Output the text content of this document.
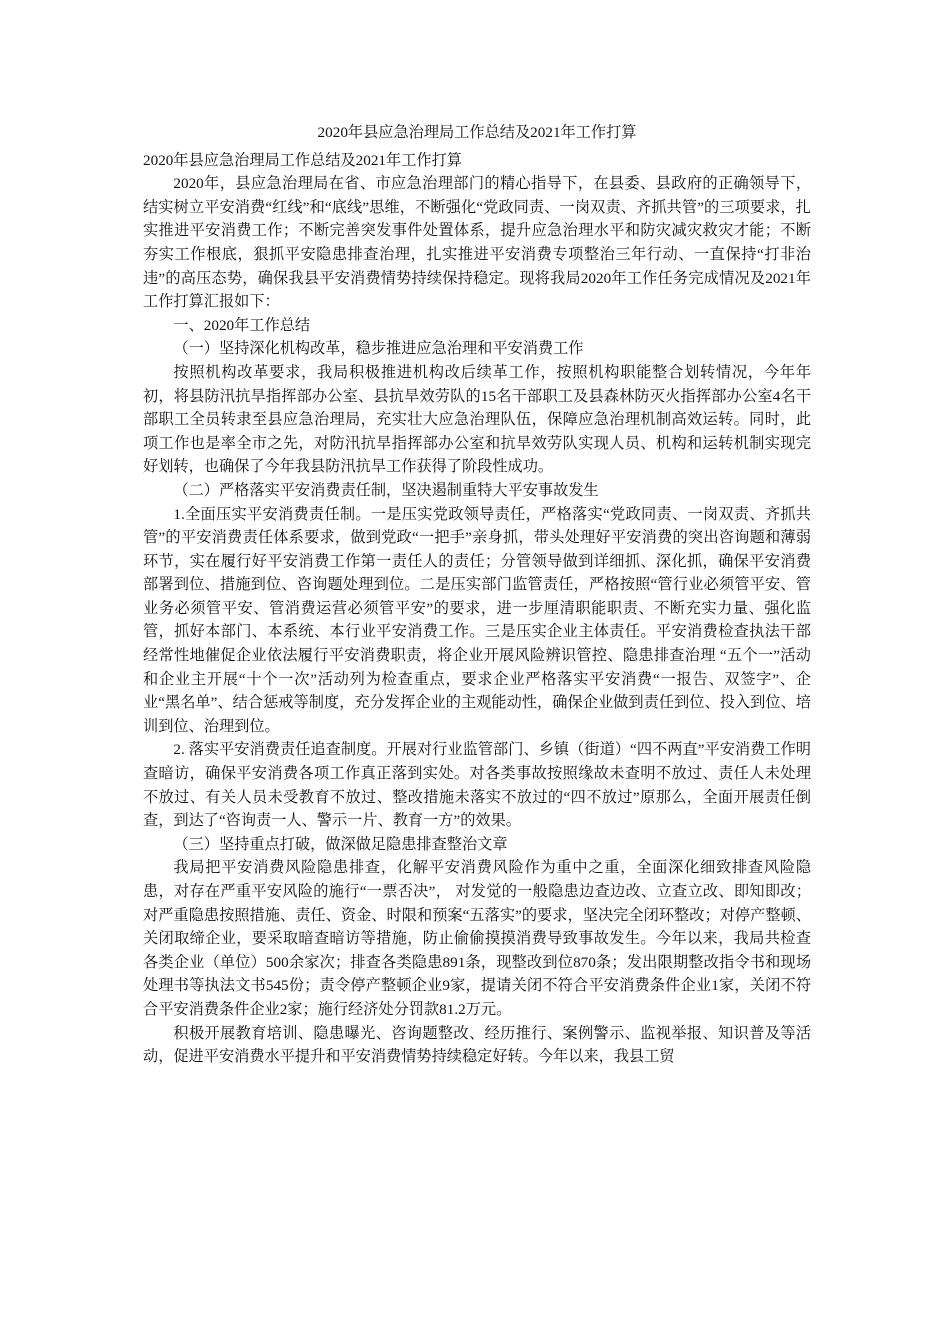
2020年县应急治理局工作总结及2021年工作打算

2020年县应急治理局工作总结及2021年工作打算

2020年，县应急治理局在省、市应急治理部门的精心指导下，在县委、县政府的正确领导下，结实树立平安消费“红线”和“底线”思维，不断强化“党政同责、一岗双责、齐抓共管”的三项要求，扎实推进平安消费工作；不断完善突发事件处置体系，提升应急治理水平和防灾减灾救灾才能；不断夯实工作根底，狠抓平安隐患排查治理，扎实推进平安消费专项整治三年行动、一直保持“打非治违”的高压态势，确保我县平安消费情势持续保持稳定。现将我局2020年工作任务完成情况及2021年工作打算汇报如下：

一、2020年工作总结

（一）坚持深化机构改革，稳步推进应急治理和平安消费工作

按照机构改革要求，我局积极推进机构改后续革工作，按照机构职能整合划转情况，今年年初，将县防汛抗旱指挥部办公室、县抗旱效劳队的15名干部职工及县森林防灭火指挥部办公室4名干部职工全员转隶至县应急治理局，充实壮大应急治理队伍，保障应急治理机制高效运转。同时，此项工作也是率全市之先，对防汛抗旱指挥部办公室和抗旱效劳队实现人员、机构和运转机制实现完好划转，也确保了今年我县防汛抗旱工作获得了阶段性成功。

（二）严格落实平安消费责任制，坚决遏制重特大平安事故发生

1.全面压实平安消费责任制。一是压实党政领导责任，严格落实“党政同责、一岗双责、齐抓共管”的平安消费责任体系要求，做到党政“一把手”亲身抓，带头处理好平安消费的突出咨询题和薄弱环节，实在履行好平安消费工作第一责任人的责任；分管领导做到详细抓、深化抓，确保平安消费部署到位、措施到位、咨询题处理到位。二是压实部门监管责任，严格按照“管行业必须管平安、管业务必须管平安、管消费运营必须管平安”的要求，进一步厘清职能职责、不断充实力量、强化监管，抓好本部门、本系统、本行业平安消费工作。三是压实企业主体责任。平安消费检查执法干部经常性地催促企业依法履行平安消费职责，将企业开展风险辨识管控、隐患排查治理 “五个一”活动和企业主开展“十个一次”活动列为检查重点，要求企业严格落实平安消费“一报告、双签字”、企业“黑名单”、结合惩戒等制度，充分发挥企业的主观能动性，确保企业做到责任到位、投入到位、培训到位、治理到位。

2. 落实平安消费责任追查制度。开展对行业监管部门、乡镇（街道）“四不两直”平安消费工作明查暗访，确保平安消费各项工作真正落到实处。对各类事故按照缘故未查明不放过、责任人未处理不放过、有关人员未受教育不放过、整改措施未落实不放过的“四不放过”原那么，全面开展责任倒查，到达了“咨询责一人、警示一片、教育一方”的效果。

（三）坚持重点打破，做深做足隐患排查整治文章

我局把平安消费风险隐患排查，化解平安消费风险作为重中之重，全面深化细致排查风险隐患，对存在严重平安风险的施行“一票否决”， 对发觉的一般隐患边查边改、立查立改、即知即改；对严重隐患按照措施、责任、资金、时限和预案“五落实”的要求，坚决完全闭环整改；对停产整顿、关闭取缔企业，要采取暗查暗访等措施，防止偷偷摸摸消费导致事故发生。今年以来，我局共检查各类企业（单位）500余家次；排查各类隐患891条，现整改到位870条；发出限期整改指令书和现场处理书等执法文书545份；责令停产整顿企业9家，提请关闭不符合平安消费条件企业1家，关闭不符合平安消费条件企业2家；施行经济处分罚款81.2万元。

积极开展教育培训、隐患曝光、咨询题整改、经历推行、案例警示、监视举报、知识普及等活动，促进平安消费水平提升和平安消费情势持续稳定好转。今年以来，我县工贸
